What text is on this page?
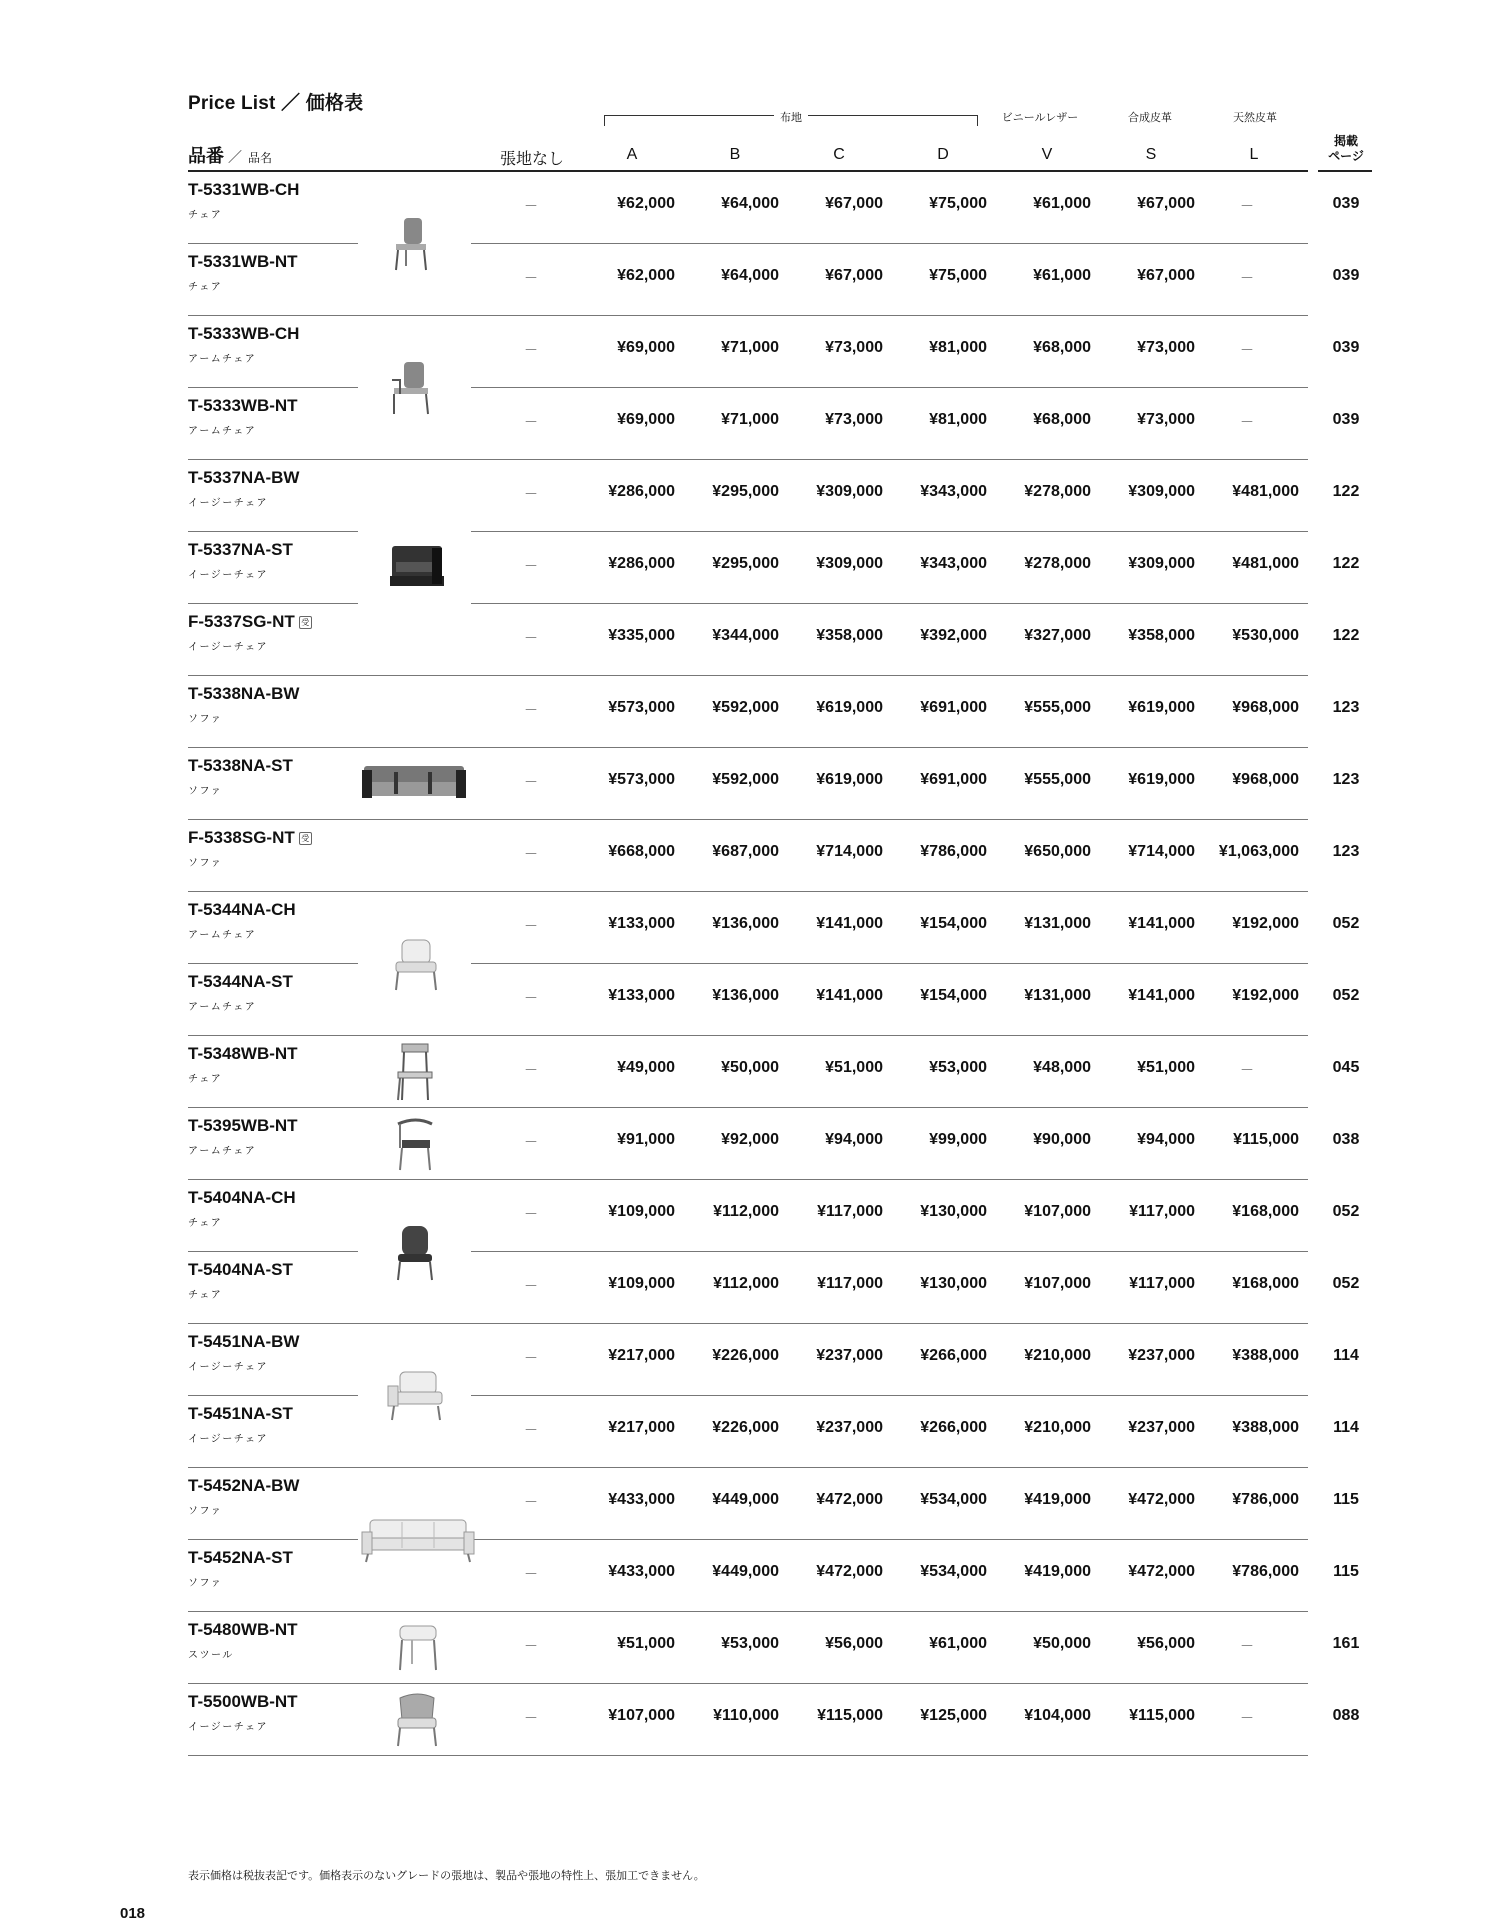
Price List ／ 価格表
布地	ビニールレザー	合成皮革	天然皮革
品番 ／ 品名	張地なし	A	B	C	D	V	S	L
掲載
ページ
T-5331WB-CH
チェア
－	¥62,000	¥64,000	¥67,000	¥75,000	¥61,000	¥67,000	－	039
T-5331WB-NT
チェア
－	¥62,000	¥64,000	¥67,000	¥75,000	¥61,000	¥67,000	－	039
T-5333WB-CH
アームチェア
－	¥69,000	¥71,000	¥73,000	¥81,000	¥68,000	¥73,000	－	039
T-5333WB-NT
アームチェア
－	¥69,000	¥71,000	¥73,000	¥81,000	¥68,000	¥73,000	－	039
T-5337NA-BW
イージーチェア
－	¥286,000	¥295,000	¥309,000	¥343,000	¥278,000	¥309,000	¥481,000	122
T-5337NA-ST
イージーチェア
－	¥286,000	¥295,000	¥309,000	¥343,000	¥278,000	¥309,000	¥481,000	122
F-5337SG-NT 受
イージーチェア
－	¥335,000	¥344,000	¥358,000	¥392,000	¥327,000	¥358,000	¥530,000	122
T-5338NA-BW
ソファ
－	¥573,000	¥592,000	¥619,000	¥691,000	¥555,000	¥619,000	¥968,000	123
T-5338NA-ST
ソファ
－	¥573,000	¥592,000	¥619,000	¥691,000	¥555,000	¥619,000	¥968,000	123
F-5338SG-NT 受
ソファ
－	¥668,000	¥687,000	¥714,000	¥786,000	¥650,000	¥714,000	¥1,063,000	123
T-5344NA-CH
アームチェア
－	¥133,000	¥136,000	¥141,000	¥154,000	¥131,000	¥141,000	¥192,000	052
T-5344NA-ST
アームチェア
－	¥133,000	¥136,000	¥141,000	¥154,000	¥131,000	¥141,000	¥192,000	052
T-5348WB-NT
チェア
－	¥49,000	¥50,000	¥51,000	¥53,000	¥48,000	¥51,000	－	045
T-5395WB-NT
アームチェア
－	¥91,000	¥92,000	¥94,000	¥99,000	¥90,000	¥94,000	¥115,000	038
T-5404NA-CH
チェア
－	¥109,000	¥112,000	¥117,000	¥130,000	¥107,000	¥117,000	¥168,000	052
T-5404NA-ST
チェア
－	¥109,000	¥112,000	¥117,000	¥130,000	¥107,000	¥117,000	¥168,000	052
T-5451NA-BW
イージーチェア
－	¥217,000	¥226,000	¥237,000	¥266,000	¥210,000	¥237,000	¥388,000	114
T-5451NA-ST
イージーチェア
－	¥217,000	¥226,000	¥237,000	¥266,000	¥210,000	¥237,000	¥388,000	114
T-5452NA-BW
ソファ
－	¥433,000	¥449,000	¥472,000	¥534,000	¥419,000	¥472,000	¥786,000	115
T-5452NA-ST
ソファ
－	¥433,000	¥449,000	¥472,000	¥534,000	¥419,000	¥472,000	¥786,000	115
T-5480WB-NT
スツール
－	¥51,000	¥53,000	¥56,000	¥61,000	¥50,000	¥56,000	－	161
T-5500WB-NT
イージーチェア
－	¥107,000	¥110,000	¥115,000	¥125,000	¥104,000	¥115,000	－	088
表示価格は税抜表記です。価格表示のないグレードの張地は、製品や張地の特性上、張加工できません。
018
